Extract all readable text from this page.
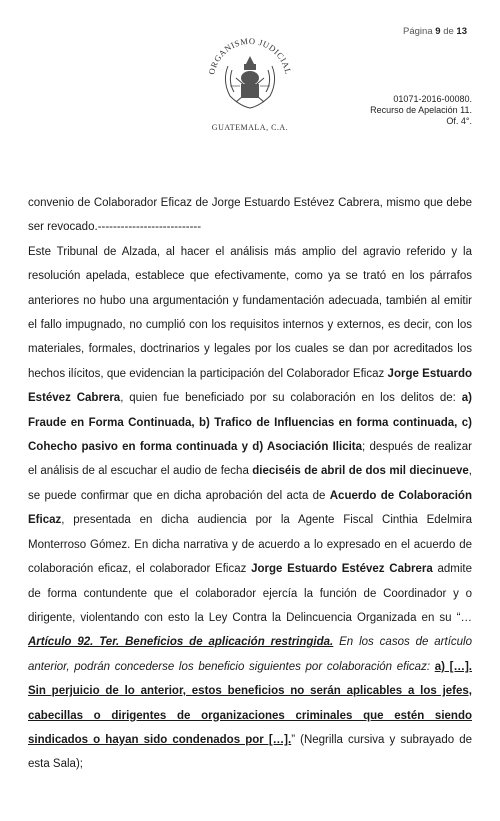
Página 9 de 13
ORGANISMO JUDICIAL
GUATEMALA, C.A.
01071-2016-00080.
Recurso de Apelación 11.
Of. 4°.

convenio de Colaborador Eficaz de Jorge Estuardo Estévez Cabrera, mismo que debe ser revocado.---------------------------

Este Tribunal de Alzada, al hacer el análisis más amplio del agravio referido y la resolución apelada, establece que efectivamente, como ya se trató en los párrafos anteriores no hubo una argumentación y fundamentación adecuada, también al emitir el fallo impugnado, no cumplió con los requisitos internos y externos, es decir, con los materiales, formales, doctrinarios y legales por los cuales se dan por acreditados los hechos ilícitos, que evidencian la participación del Colaborador Eficaz Jorge Estuardo Estévez Cabrera, quien fue beneficiado por su colaboración en los delitos de: a) Fraude en Forma Continuada, b) Trafico de Influencias en forma continuada, c) Cohecho pasivo en forma continuada y d) Asociación Ilicita; después de realizar el análisis de al escuchar el audio de fecha dieciséis de abril de dos mil diecinueve, se puede confirmar que en dicha aprobación del acta de Acuerdo de Colaboración Eficaz, presentada en dicha audiencia por la Agente Fiscal Cinthia Edelmira Monterroso Gómez. En dicha narrativa y de acuerdo a lo expresado en el acuerdo de colaboración eficaz, el colaborador Eficaz Jorge Estuardo Estévez Cabrera admite de forma contundente que el colaborador ejercía la función de Coordinador y o dirigente, violentando con esto la Ley Contra la Delincuencia Organizada en su “… Artículo 92. Ter. Beneficios de aplicación restringida. En los casos de artículo anterior, podrán concederse los beneficio siguientes por colaboración eficaz: a) […]. Sin perjuicio de lo anterior, estos beneficios no serán aplicables a los jefes, cabecillas o dirigentes de organizaciones criminales que estén siendo sindicados o hayan sido condenados por […].” (Negrilla cursiva y subrayado de esta Sala);
